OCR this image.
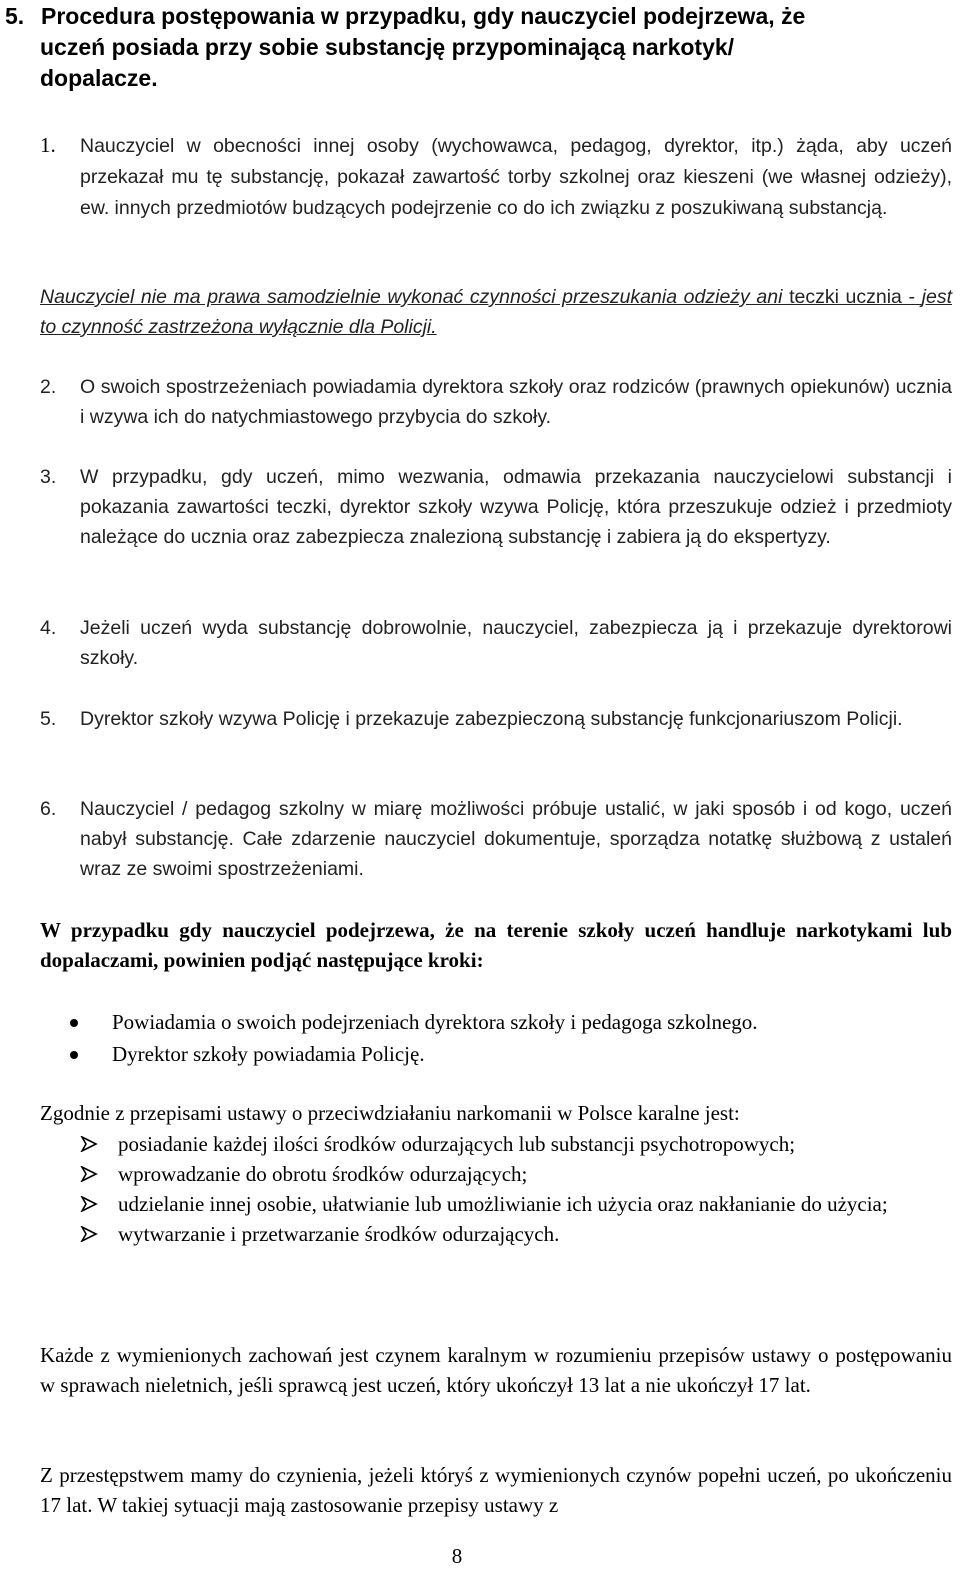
5. Procedura postępowania w przypadku, gdy nauczyciel podejrzewa, że
uczeń posiada przy sobie substancję przypominającą narkotyk/
dopalacze.
1. Nauczyciel w obecności innej osoby (wychowawca, pedagog, dyrektor, itp.) żąda, aby uczeń przekazał mu tę substancję, pokazał zawartość torby szkolnej oraz kieszeni (we własnej odzieży), ew. innych przedmiotów budzących podejrzenie co do ich związku z poszukiwaną substancją.
Nauczyciel nie ma prawa samodzielnie wykonać czynności przeszukania odzieży ani teczki ucznia - jest to czynność zastrzeżona wyłącznie dla Policji.
2. O swoich spostrzeżeniach powiadamia dyrektora szkoły oraz rodziców (prawnych opiekunów) ucznia i wzywa ich do natychmiastowego przybycia do szkoły.
3. W przypadku, gdy uczeń, mimo wezwania, odmawia przekazania nauczycielowi substancji i pokazania zawartości teczki, dyrektor szkoły wzywa Policję, która przeszukuje odzież i przedmioty należące do ucznia oraz zabezpiecza znalezioną substancję i zabiera ją do ekspertyzy.
4. Jeżeli uczeń wyda substancję dobrowolnie, nauczyciel, zabezpiecza ją i przekazuje dyrektorowi szkoły.
5. Dyrektor szkoły wzywa Policję i przekazuje zabezpieczoną substancję funkcjonariuszom Policji.
6. Nauczyciel / pedagog szkolny w miarę możliwości próbuje ustalić, w jaki sposób i od kogo, uczeń nabył substancję. Całe zdarzenie nauczyciel dokumentuje, sporządza notatkę służbową z ustaleń wraz ze swoimi spostrzeżeniami.
W przypadku gdy nauczyciel podejrzewa, że na terenie szkoły uczeń handluje narkotykami lub dopalaczami, powinien podjąć następujące kroki:
Powiadamia o swoich podejrzeniach dyrektora szkoły i pedagoga szkolnego.
Dyrektor szkoły powiadamia Policję.
Zgodnie z przepisami ustawy o przeciwdziałaniu narkomanii w Polsce karalne jest:
posiadanie każdej ilości środków odurzających lub substancji psychotropowych;
wprowadzanie do obrotu środków odurzających;
udzielanie innej osobie, ułatwianie lub umożliwianie ich użycia oraz nakłanianie do użycia;
wytwarzanie i przetwarzanie środków odurzających.
Każde z wymienionych zachowań jest czynem karalnym w rozumieniu przepisów ustawy o postępowaniu w sprawach nieletnich, jeśli sprawcą jest uczeń, który ukończył 13 lat a nie ukończył 17 lat.
Z przestępstwem mamy do czynienia, jeżeli któryś z wymienionych czynów popełni uczeń, po ukończeniu 17 lat. W takiej sytuacji mają zastosowanie przepisy ustawy z
8
